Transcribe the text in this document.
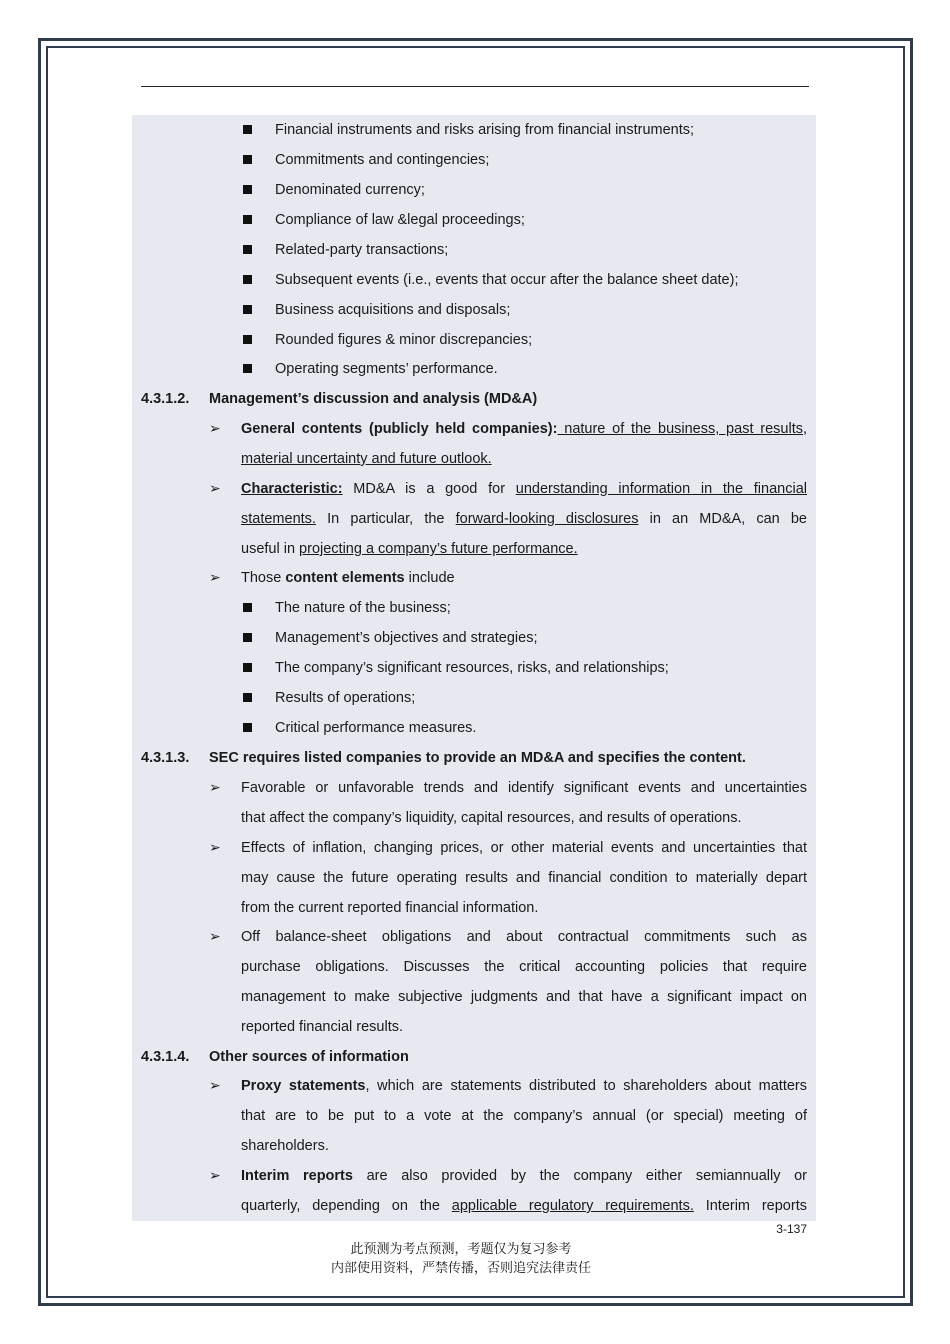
Financial instruments and risks arising from financial instruments;
Commitments and contingencies;
Denominated currency;
Compliance of law &legal proceedings;
Related-party transactions;
Subsequent events (i.e., events that occur after the balance sheet date);
Business acquisitions and disposals;
Rounded figures & minor discrepancies;
Operating segments’ performance.
4.3.1.2. Management’s discussion and analysis (MD&A)
➢ General contents (publicly held companies): nature of the business, past results,
material uncertainty and future outlook.
➢ Characteristic: MD&A is a good for understanding information in the financial
statements. In particular, the forward-looking disclosures in an MD&A, can be
useful in projecting a company’s future performance.
➢ Those content elements include
The nature of the business;
Management’s objectives and strategies;
The company’s significant resources, risks, and relationships;
Results of operations;
Critical performance measures.
4.3.1.3. SEC requires listed companies to provide an MD&A and specifies the content.
➢ Favorable or unfavorable trends and identify significant events and uncertainties
that affect the company’s liquidity, capital resources, and results of operations.
➢ Effects of inflation, changing prices, or other material events and uncertainties that
may cause the future operating results and financial condition to materially depart
from the current reported financial information.
➢ Off balance-sheet obligations and about contractual commitments such as
purchase obligations. Discusses the critical accounting policies that require
management to make subjective judgments and that have a significant impact on
reported financial results.
4.3.1.4. Other sources of information
➢ Proxy statements, which are statements distributed to shareholders about matters
that are to be put to a vote at the company’s annual (or special) meeting of
shareholders.
➢ Interim reports are also provided by the company either semiannually or
quarterly, depending on the applicable regulatory requirements. Interim reports
3-137
此预测为考点预测，考题仅为复习参考
内部使用资料，严禁传播，否则追究法律责任
